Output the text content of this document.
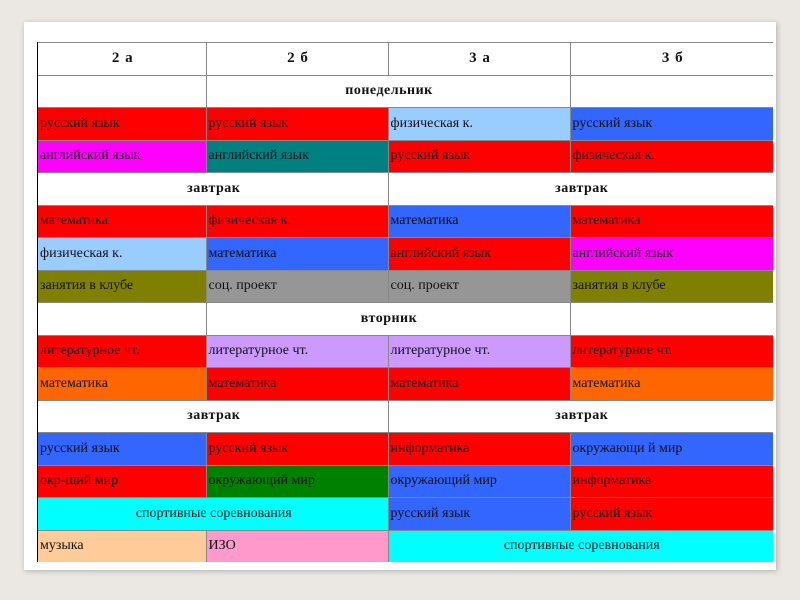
2 а	2 б	3 а	3 б
	понедельник		
русский язык	русский язык	физическая к.	русский язык
английский язык	английский язык	русский язык	физическая к.
завтрак		завтрак	
математика	физическая к.	математика	математика
физическая к.	математика	английский язык	английский язык
занятия в клубе	соц. проект	соц. проект	занятия в клубе
	вторник		
литературное чт.	литературное чт.	литературное чт.	литературное чт.
математика	математика	математика	математика
завтрак		завтрак	
русский язык	русский язык	информатика	окружающи й мир
окр-щий мир	окружающий мир	окружающий мир	информатика
спортивные соревнования		русский язык	русский язык
музыка	ИЗО	спортивные соревнования	
